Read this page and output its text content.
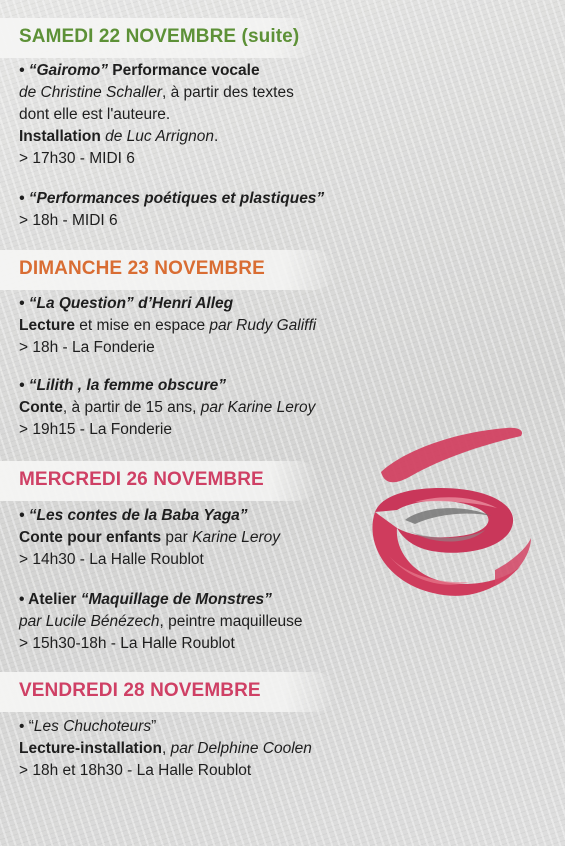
SAMEDI 22 NOVEMBRE (suite)
• “Gairomo” Performance vocale
de Christine Schaller, à partir des textes
dont elle est l'auteure.
Installation de Luc Arrignon.
> 17h30 - MIDI 6
• “Performances poétiques et plastiques”
> 18h - MIDI 6
DIMANCHE 23 NOVEMBRE
• “La Question” d’Henri Alleg
Lecture et mise en espace par Rudy Galiffi
> 18h - La Fonderie
• “Lilith , la femme obscure”
Conte, à partir de 15 ans, par Karine Leroy
> 19h15 - La Fonderie
MERCREDI 26 NOVEMBRE
• “Les contes de la Baba Yaga”
Conte pour enfants par Karine Leroy
> 14h30 - La Halle Roublot
• Atelier “Maquillage de Monstres”
par Lucile Bénézech, peintre maquilleuse
> 15h30-18h - La Halle Roublot
VENDREDI 28 NOVEMBRE
• “Les Chuchoteurs”
Lecture-installation, par Delphine Coolen
> 18h et 18h30 - La Halle Roublot
